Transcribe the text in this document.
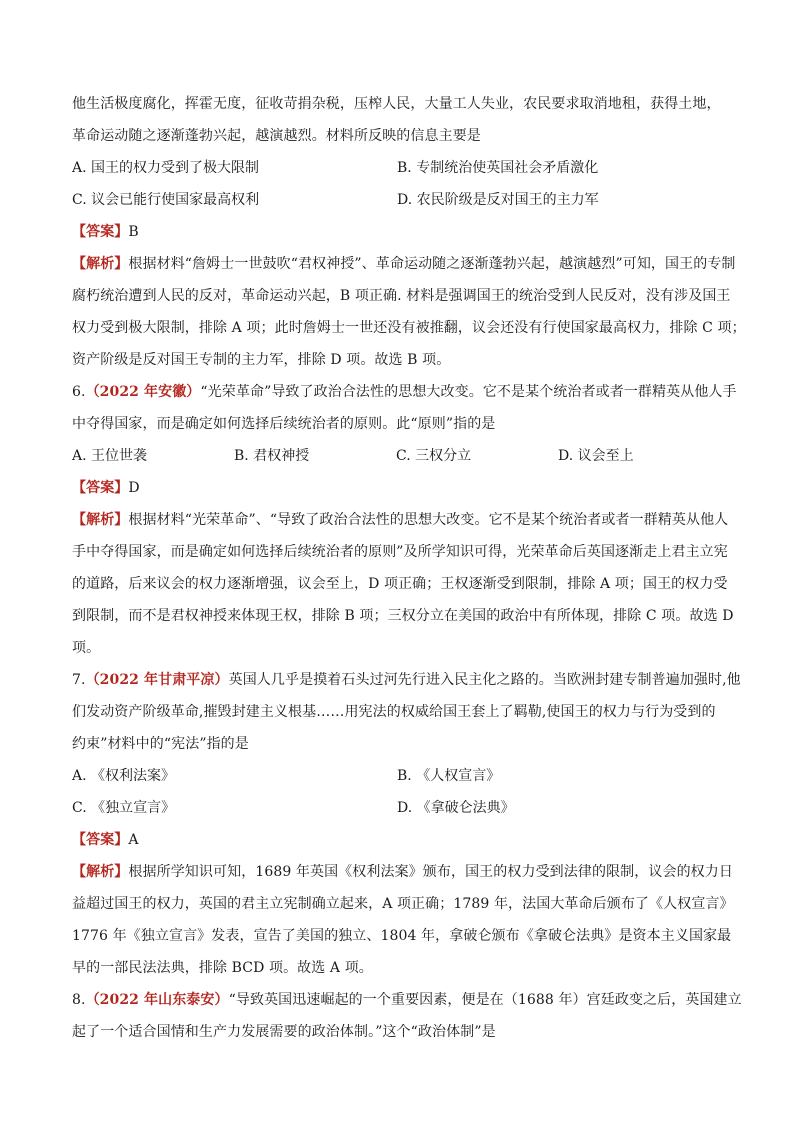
他生活极度腐化，挥霍无度，征收苛捐杂税，压榨人民，大量工人失业，农民要求取消地租，获得土地，
革命运动随之逐渐蓬勃兴起，越演越烈。材料所反映的信息主要是
A. 国王的权力受到了极大限制	B. 专制统治使英国社会矛盾激化
C. 议会已能行使国家最高权利	D. 农民阶级是反对国王的主力军
【答案】B
【解析】根据材料“詹姆士一世鼓吹“君权神授”、革命运动随之逐渐蓬勃兴起，越演越烈”可知，国王的专制
腐朽统治遭到人民的反对，革命运动兴起，B 项正确. 材料是强调国王的统治受到人民反对，没有涉及国王
权力受到极大限制，排除 A 项；此时詹姆士一世还没有被推翻，议会还没有行使国家最高权力，排除 C 项；
资产阶级是反对国王专制的主力军，排除 D 项。故选 B 项。
6.（2022 年安徽）“光荣革命”导致了政治合法性的思想大改变。它不是某个统治者或者一群精英从他人手
中夺得国家，而是确定如何选择后续统治者的原则。此“原则”指的是
A. 王位世袭	B. 君权神授	C. 三权分立	D. 议会至上
【答案】D
【解析】根据材料“光荣革命”、“导致了政治合法性的思想大改变。它不是某个统治者或者一群精英从他人
手中夺得国家，而是确定如何选择后续统治者的原则”及所学知识可得，光荣革命后英国逐渐走上君主立宪
的道路，后来议会的权力逐渐增强，议会至上，D 项正确；王权逐渐受到限制，排除 A 项；国王的权力受
到限制，而不是君权神授来体现王权，排除 B 项；三权分立在美国的政治中有所体现，排除 C 项。故选 D
项。
7.（2022 年甘肃平凉）英国人几乎是摸着石头过河先行进入民主化之路的。当欧洲封建专制普遍加强时,他
们发动资产阶级革命,摧毁封建主义根基……用宪法的权威给国王套上了羁勒,使国王的权力与行为受到的
约束”材料中的“宪法”指的是
A. 《权利法案》	B. 《人权宣言》
C. 《独立宣言》	D. 《拿破仑法典》
【答案】A
【解析】根据所学知识可知，1689 年英国《权利法案》颁布，国王的权力受到法律的限制，议会的权力日
益超过国王的权力，英国的君主立宪制确立起来，A 项正确；1789 年，法国大革命后颁布了《人权宣言》
1776 年《独立宣言》发表，宣告了美国的独立、1804 年，拿破仑颁布《拿破仑法典》是资本主义国家最
早的一部民法法典，排除 BCD 项。故选 A 项。
8.（2022 年山东泰安）“导致英国迅速崛起的一个重要因素，便是在（1688 年）宫廷政变之后，英国建立
起了一个适合国情和生产力发展需要的政治体制。”这个“政治体制”是
